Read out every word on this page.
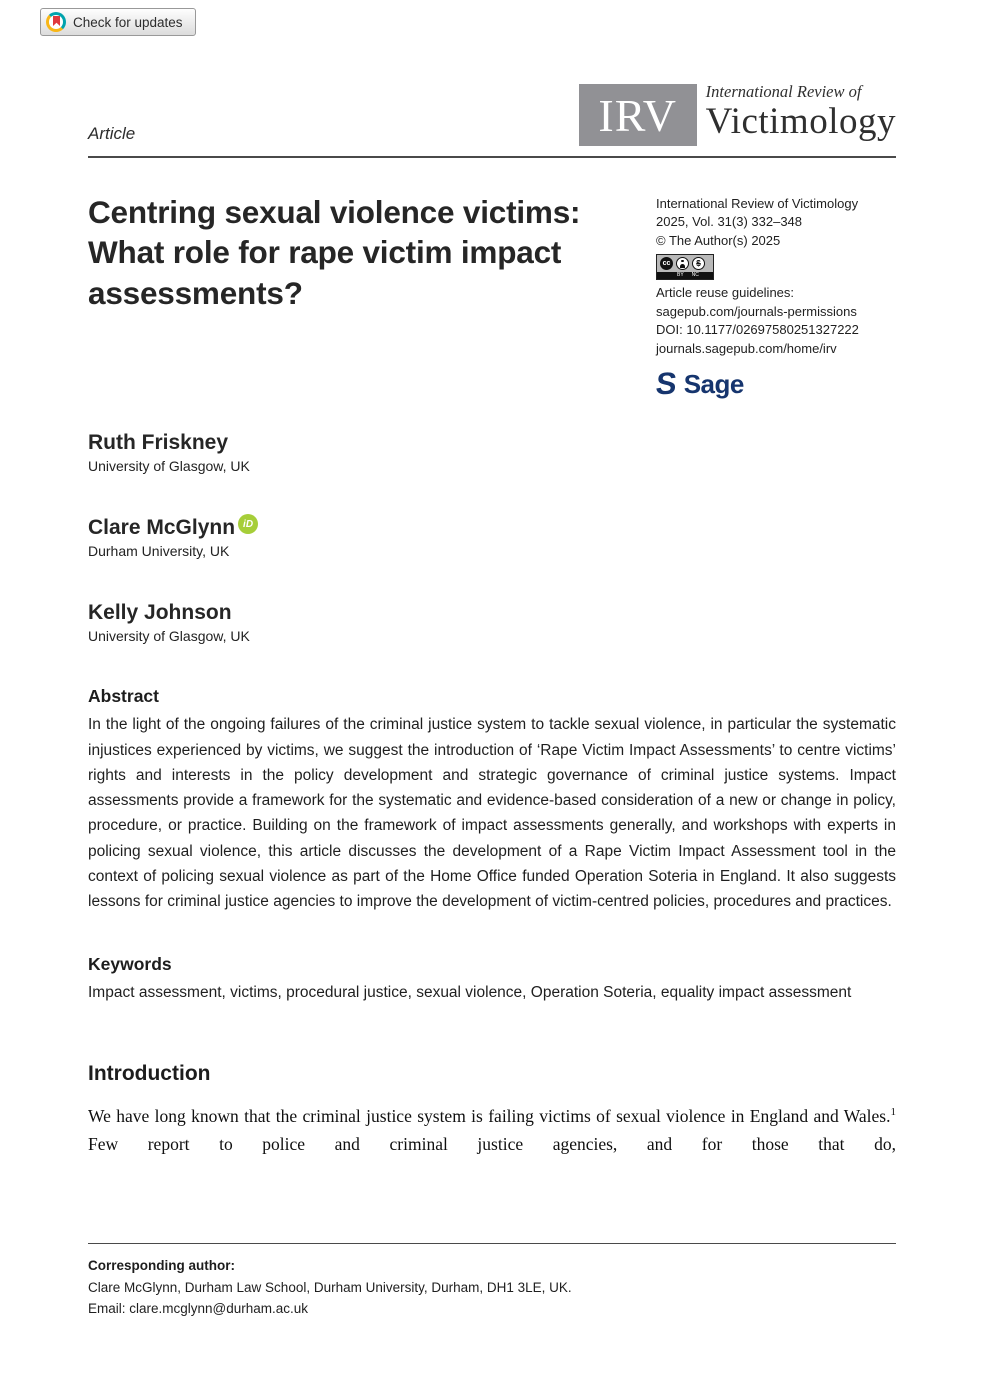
Check for updates
Article	IRV	International Review of
Victimology
Centring sexual violence victims: What role for rape victim impact assessments?
International Review of Victimology
2025, Vol. 31(3) 332–348
© The Author(s) 2025
cc	$
BY NC
Article reuse guidelines:
sagepub.com/journals-permissions
DOI: 10.1177/02697580251327222
journals.sagepub.com/home/irv
S Sage
Ruth Friskney
University of Glasgow, UK
Clare McGlynn iD
Durham University, UK
Kelly Johnson
University of Glasgow, UK
Abstract
In the light of the ongoing failures of the criminal justice system to tackle sexual violence, in particular the systematic injustices experienced by victims, we suggest the introduction of ‘Rape Victim Impact Assessments’ to centre victims’ rights and interests in the policy development and strategic governance of criminal justice systems. Impact assessments provide a framework for the systematic and evidence-based consideration of a new or change in policy, procedure, or practice. Building on the framework of impact assessments generally, and workshops with experts in policing sexual violence, this article discusses the development of a Rape Victim Impact Assessment tool in the context of policing sexual violence as part of the Home Office funded Operation Soteria in England. It also suggests lessons for criminal justice agencies to improve the development of victim-centred policies, procedures and practices.
Keywords
Impact assessment, victims, procedural justice, sexual violence, Operation Soteria, equality impact assessment
Introduction
We have long known that the criminal justice system is failing victims of sexual violence in England and Wales.$^1$ Few report to police and criminal justice agencies, and for those that do,
Corresponding author:
Clare McGlynn, Durham Law School, Durham University, Durham, DH1 3LE, UK.
Email: clare.mcglynn@durham.ac.uk
